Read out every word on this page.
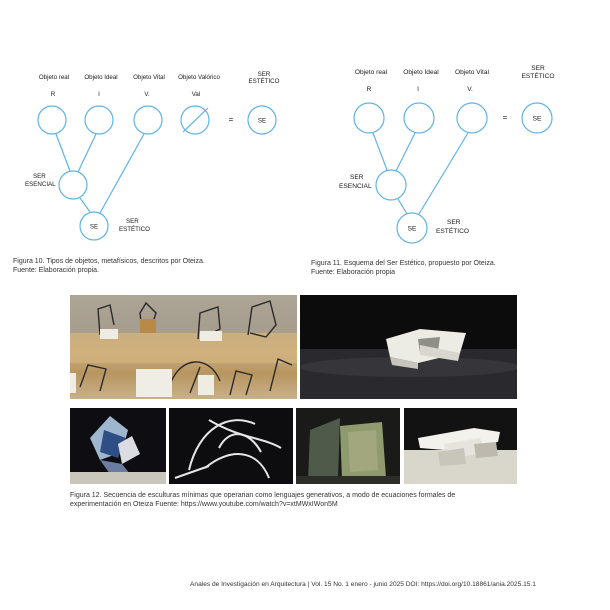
Objeto real Objeto Ideal Objeto Vital Objeto Valórico	SER
ESTÉTICO
R	I	V.	Val
=	SE
SE
SER
ESENCIAL
SER
ESTÉTICO
Figura 10. Tipos de objetos, metafísicos, descritos por Oteiza.
Fuente: Elaboración propia.
Objeto real Objeto Ideal Objeto Vital
SER
ESTÉTICO
R	I	V.
=	SE
SE
SER
ESENCIAL
SER
ESTÉTICO
Figura 11. Esquema del Ser Estético, propuesto por Oteiza.
Fuente: Elaboración propia
Figura 12. Secuencia de esculturas mínimas que operarian como lenguajes generativos, a modo de ecuaciones formales de
experimentación en Oteiza Fuente: https://www.youtube.com/watch?v=xtMWxIWon5M
Anales de Investigación en Arquitectura | Vol. 15 No. 1 enero - junio 2025 DOI: https://doi.org/10.18861/ania.2025.15.1
